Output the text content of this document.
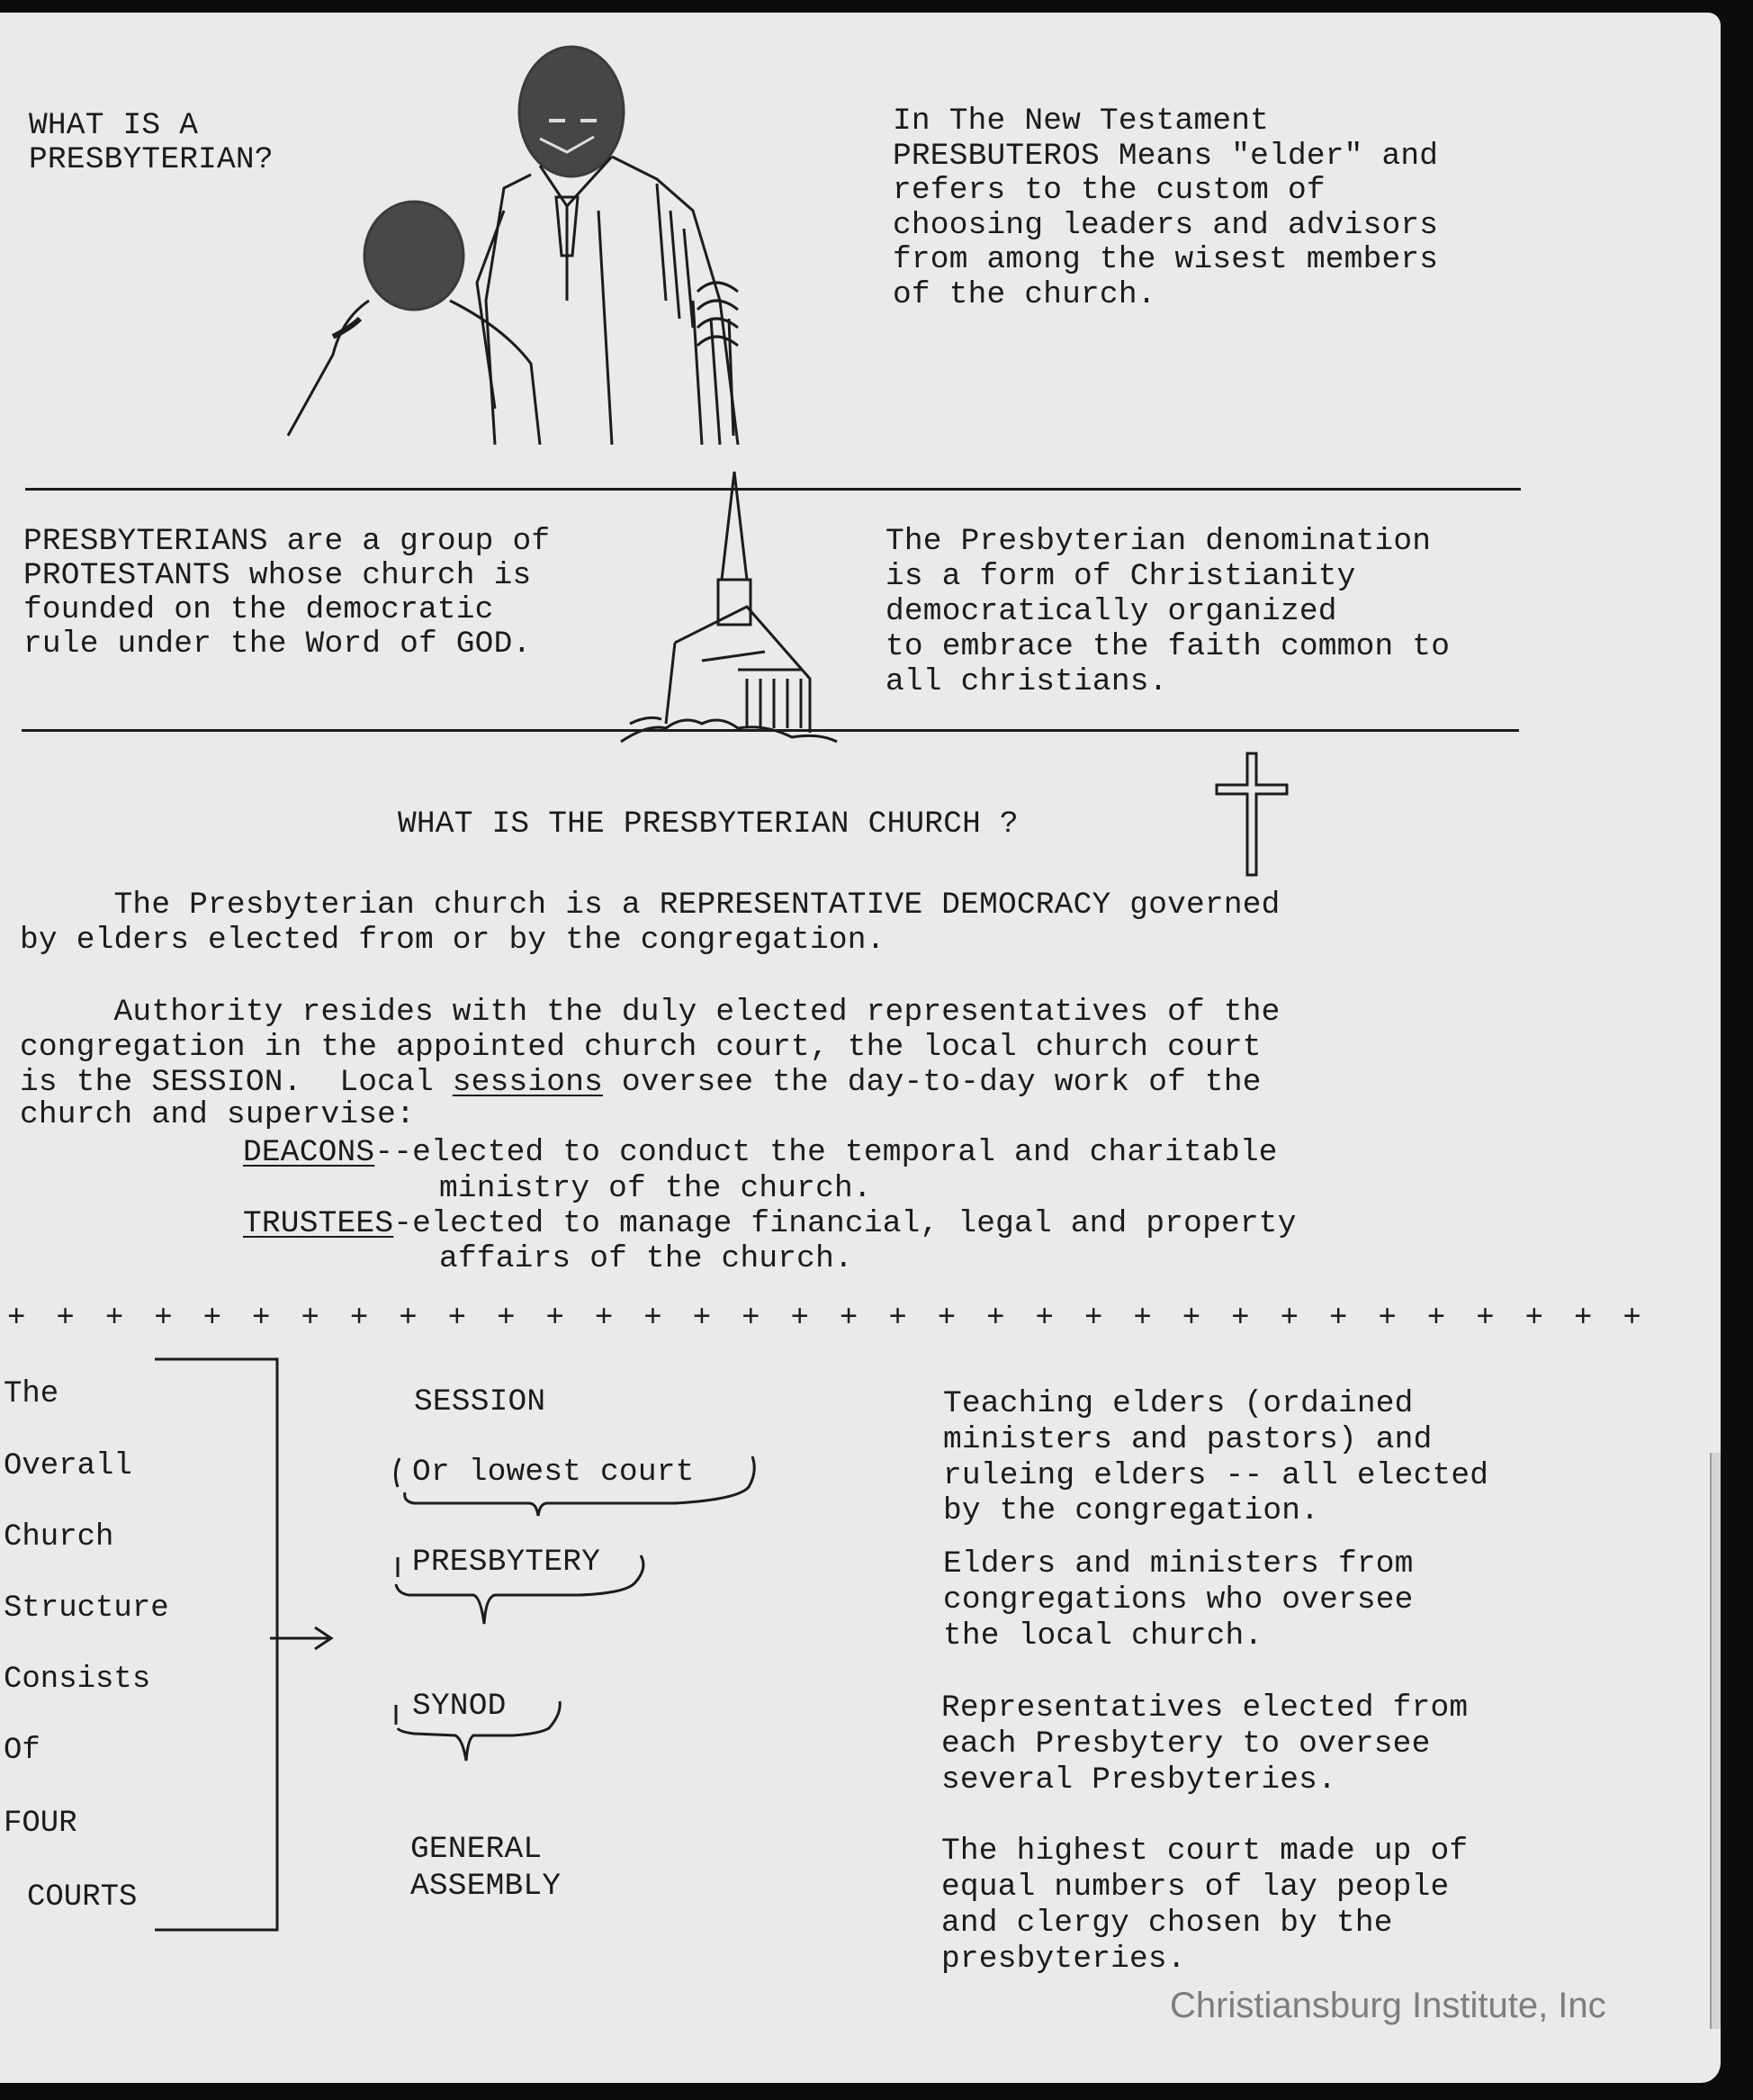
WHAT IS A
PRESBYTERIAN?
In The New Testament
PRESBUTEROS Means "elder" and
refers to the custom of
choosing leaders and advisors
from among the wisest members
of the church.
PRESBYTERIANS are a group of
PROTESTANTS whose church is
founded on the democratic
rule under the Word of GOD.
The Presbyterian denomination
is a form of Christianity
democratically organized
to embrace the faith common to
all christians.
WHAT IS THE PRESBYTERIAN CHURCH ?
The Presbyterian church is a REPRESENTATIVE DEMOCRACY governed
by elders elected from or by the congregation.
Authority resides with the duly elected representatives of the
congregation in the appointed church court, the local church court
is the SESSION.  Local sessions oversee the day-to-day work of the
church and supervise:
DEACONS--elected to conduct the temporal and charitable
ministry of the church.
TRUSTEES-elected to manage financial, legal and property
affairs of the church.
+ + + + + + + + + + + + + + + + + + + + + + + + + + + + + + + + + +
The
Overall
Church
Structure
Consists
Of
FOUR
COURTS
SESSION
Or lowest court
PRESBYTERY
SYNOD
GENERAL
ASSEMBLY
Teaching elders (ordained
ministers and pastors) and
ruleing elders -- all elected
by the congregation.
Elders and ministers from
congregations who oversee
the local church.
Representatives elected from
each Presbytery to oversee
several Presbyteries.
The highest court made up of
equal numbers of lay people
and clergy chosen by the
presbyteries.
Christiansburg Institute, Inc
